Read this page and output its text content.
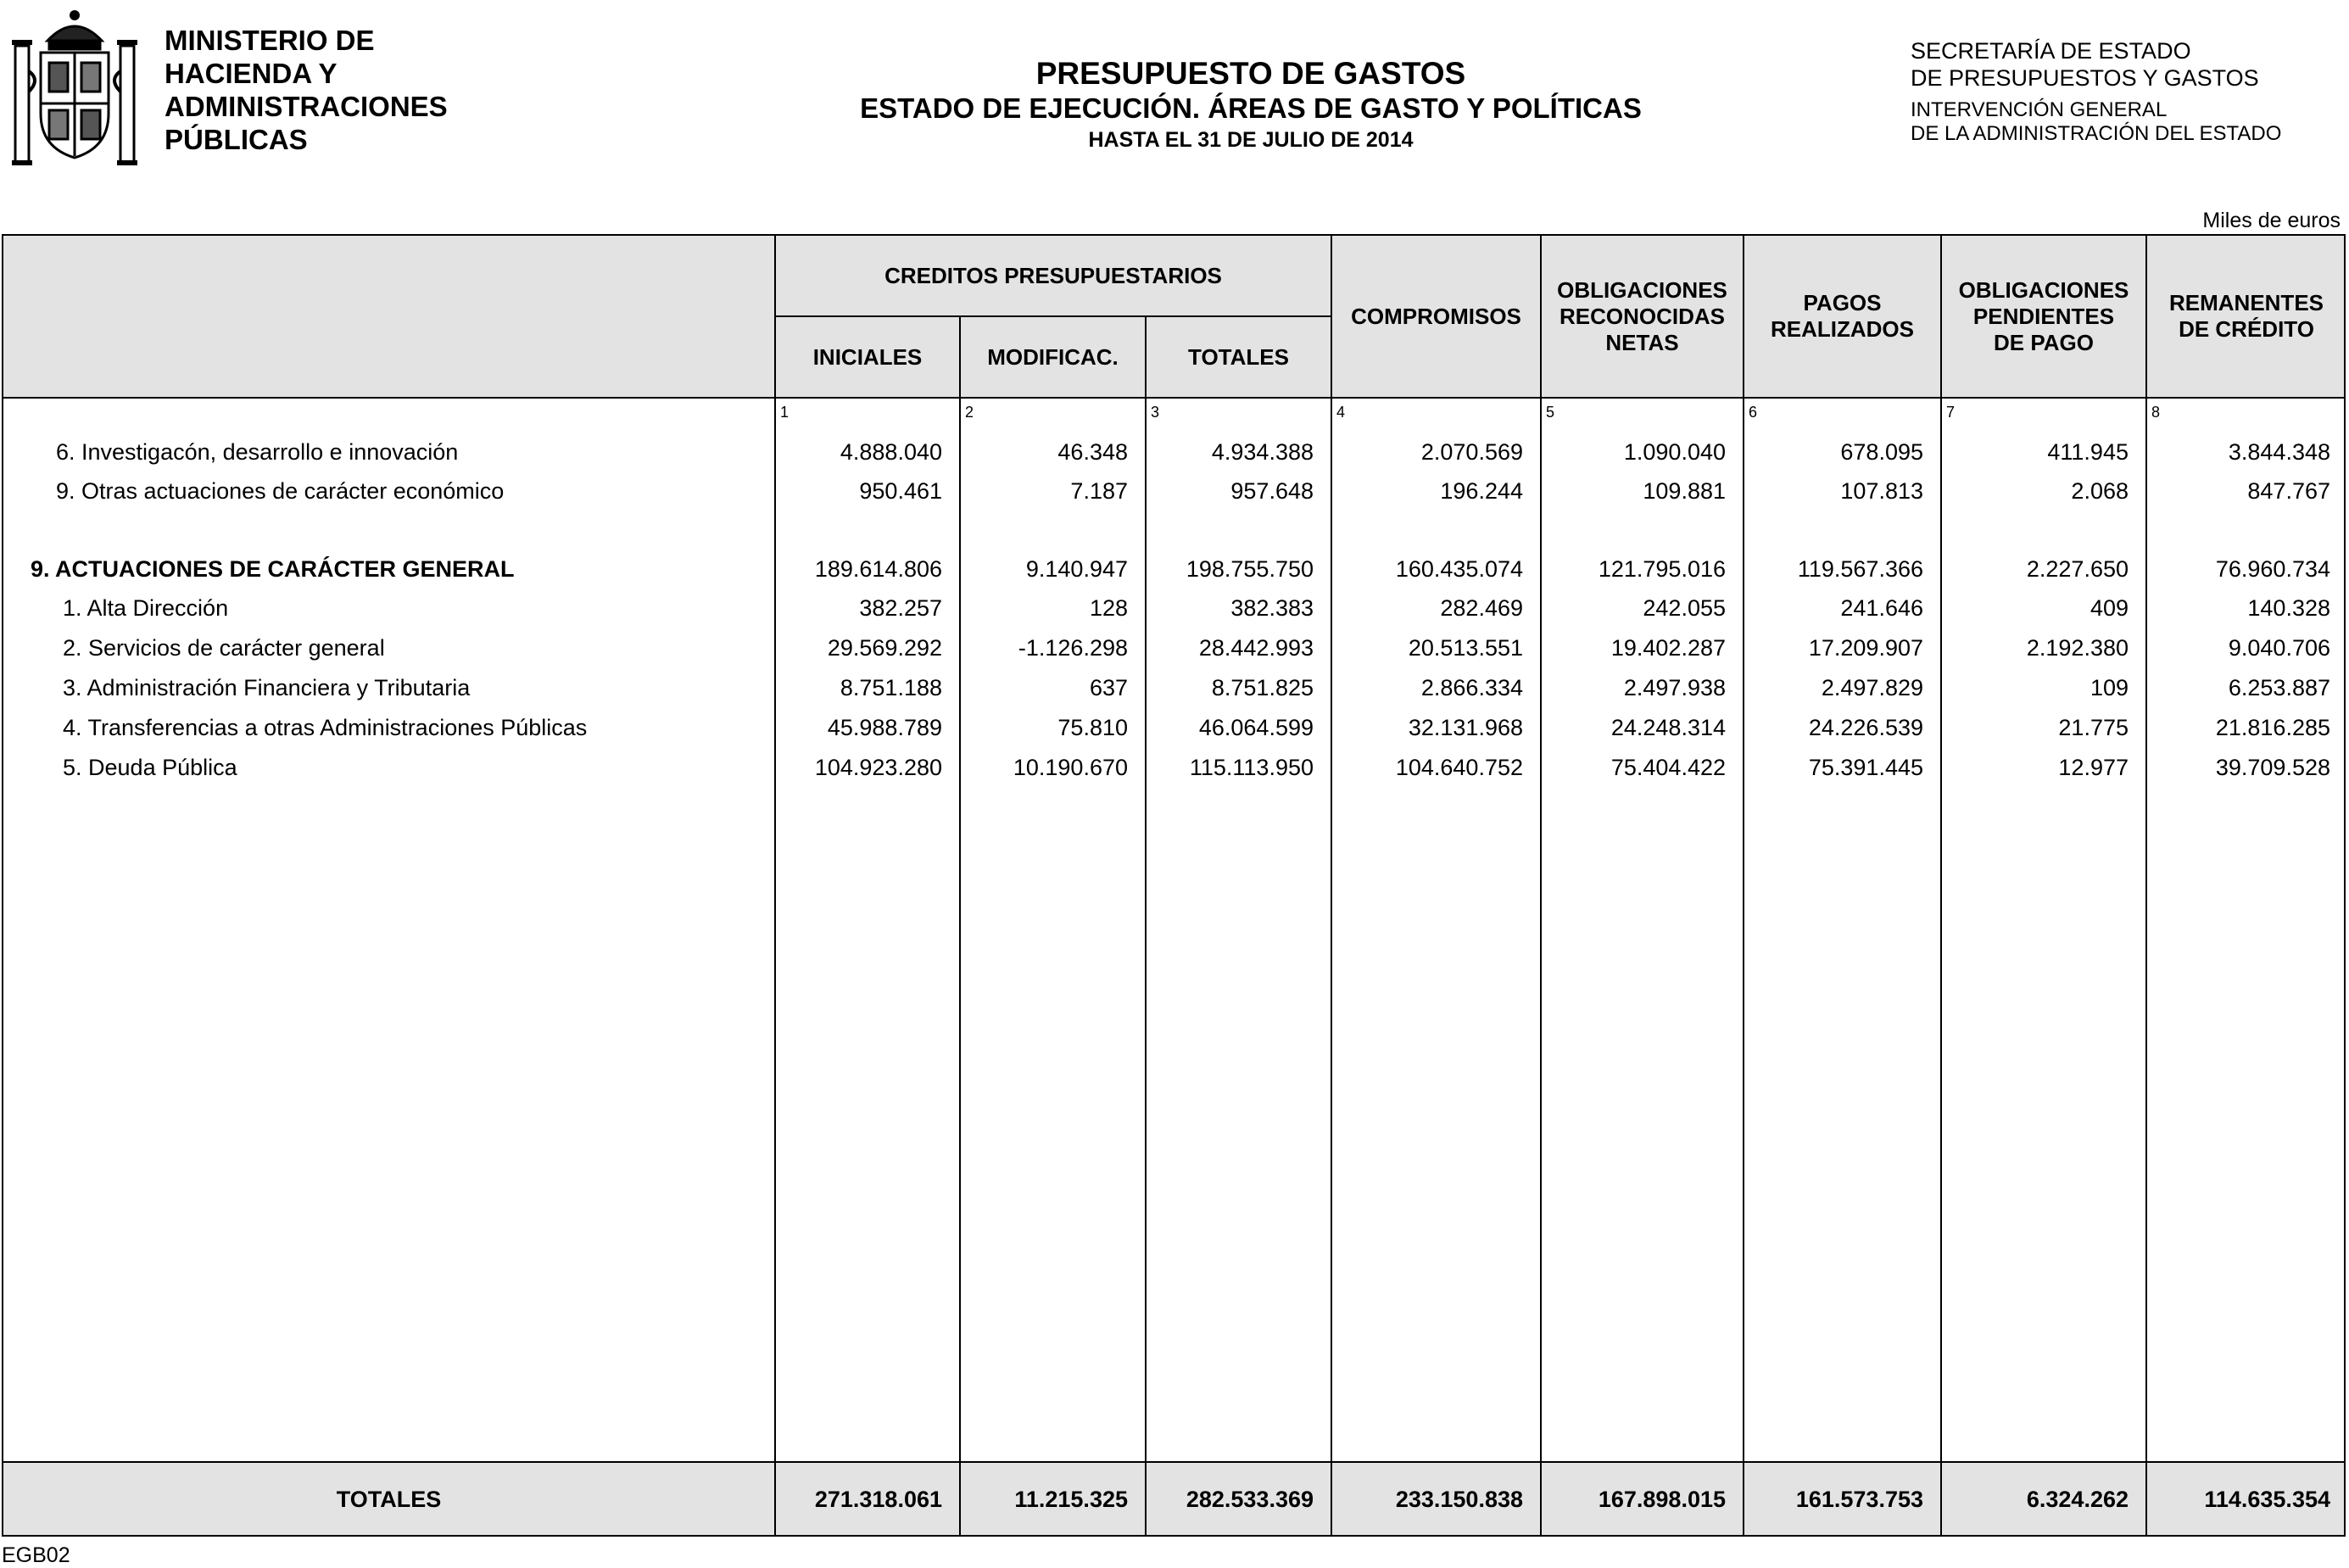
MINISTERIO DE
HACIENDA Y
ADMINISTRACIONES
PÚBLICAS
PRESUPUESTO DE GASTOS
ESTADO DE EJECUCIÓN. ÁREAS DE GASTO Y POLÍTICAS
HASTA EL 31 DE JULIO DE 2014
SECRETARÍA DE ESTADO
DE PRESUPUESTOS Y GASTOS
INTERVENCIÓN GENERAL
DE LA ADMINISTRACIÓN DEL ESTADO
Miles de euros
CREDITOS PRESUPUESTARIOS
INICIALES	MODIFICAC.	TOTALES
COMPROMISOS
OBLIGACIONES RECONOCIDAS NETAS
PAGOS REALIZADOS
OBLIGACIONES PENDIENTES DE PAGO
REMANENTES DE CRÉDITO
1	2	3	4	5	6	7	8
6. Investigacón, desarrollo e innovación	4.888.040	46.348	4.934.388	2.070.569	1.090.040	678.095	411.945	3.844.348
9. Otras actuaciones de carácter económico	950.461	7.187	957.648	196.244	109.881	107.813	2.068	847.767
9. ACTUACIONES DE CARÁCTER GENERAL	189.614.806	9.140.947	198.755.750	160.435.074	121.795.016	119.567.366	2.227.650	76.960.734
1. Alta Dirección	382.257	128	382.383	282.469	242.055	241.646	409	140.328
2. Servicios de carácter general	29.569.292	-1.126.298	28.442.993	20.513.551	19.402.287	17.209.907	2.192.380	9.040.706
3. Administración Financiera y Tributaria	8.751.188	637	8.751.825	2.866.334	2.497.938	2.497.829	109	6.253.887
4. Transferencias a otras Administraciones Públicas	45.988.789	75.810	46.064.599	32.131.968	24.248.314	24.226.539	21.775	21.816.285
5. Deuda Pública	104.923.280	10.190.670	115.113.950	104.640.752	75.404.422	75.391.445	12.977	39.709.528
TOTALES	271.318.061	11.215.325	282.533.369	233.150.838	167.898.015	161.573.753	6.324.262	114.635.354
EGB02
